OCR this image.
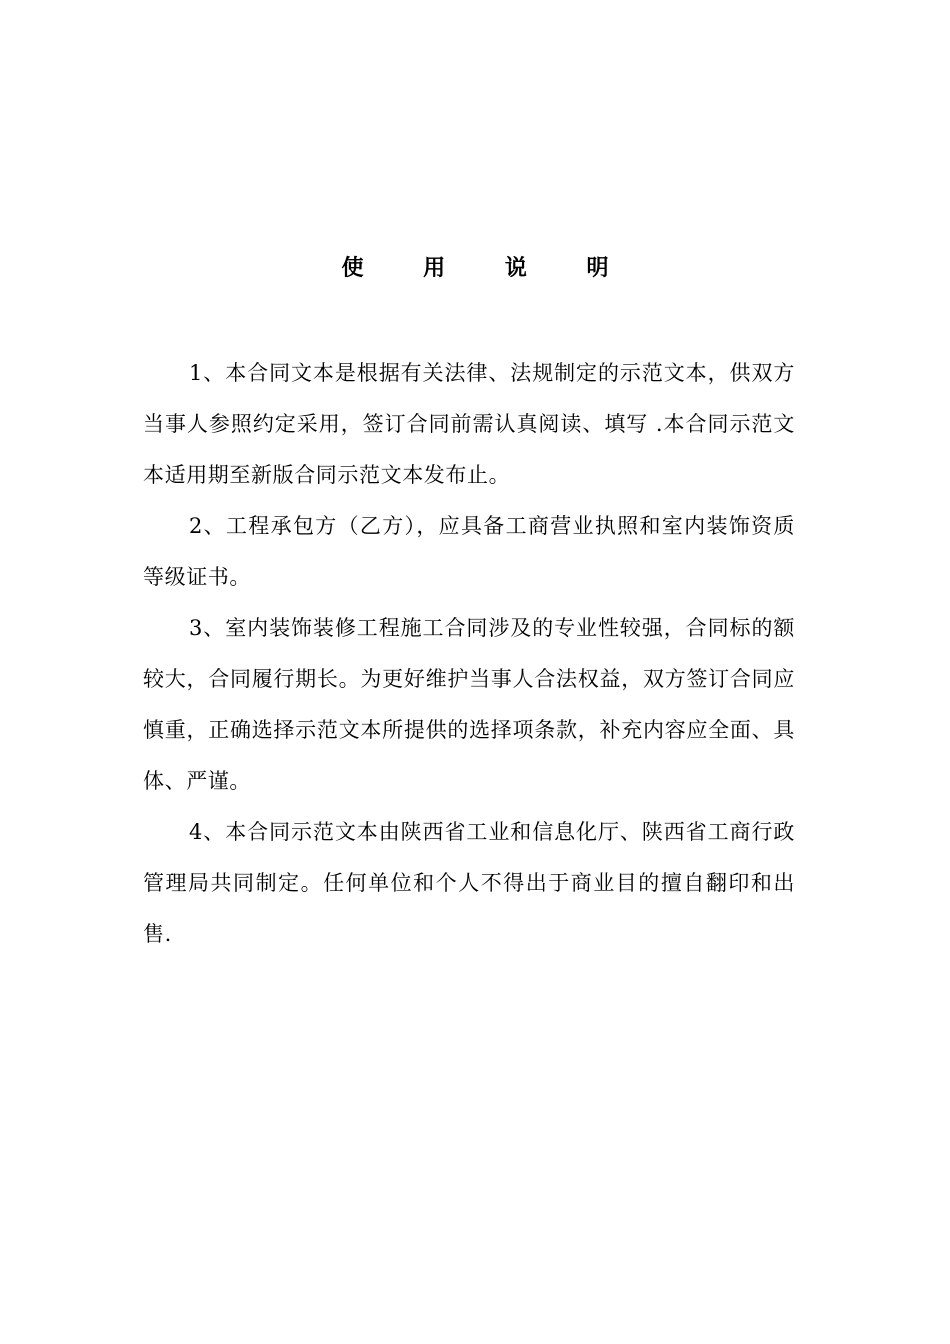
使 用 说 明

1、本合同文本是根据有关法律、法规制定的示范文本，供双方当事人参照约定采用，签订合同前需认真阅读、填写 .本合同示范文本适用期至新版合同示范文本发布止。

2、工程承包方（乙方），应具备工商营业执照和室内装饰资质等级证书。

3、室内装饰装修工程施工合同涉及的专业性较强，合同标的额较大，合同履行期长。为更好维护当事人合法权益，双方签订合同应慎重，正确选择示范文本所提供的选择项条款，补充内容应全面、具体、严谨。

4、本合同示范文本由陕西省工业和信息化厅、陕西省工商行政管理局共同制定。任何单位和个人不得出于商业目的擅自翻印和出售.
